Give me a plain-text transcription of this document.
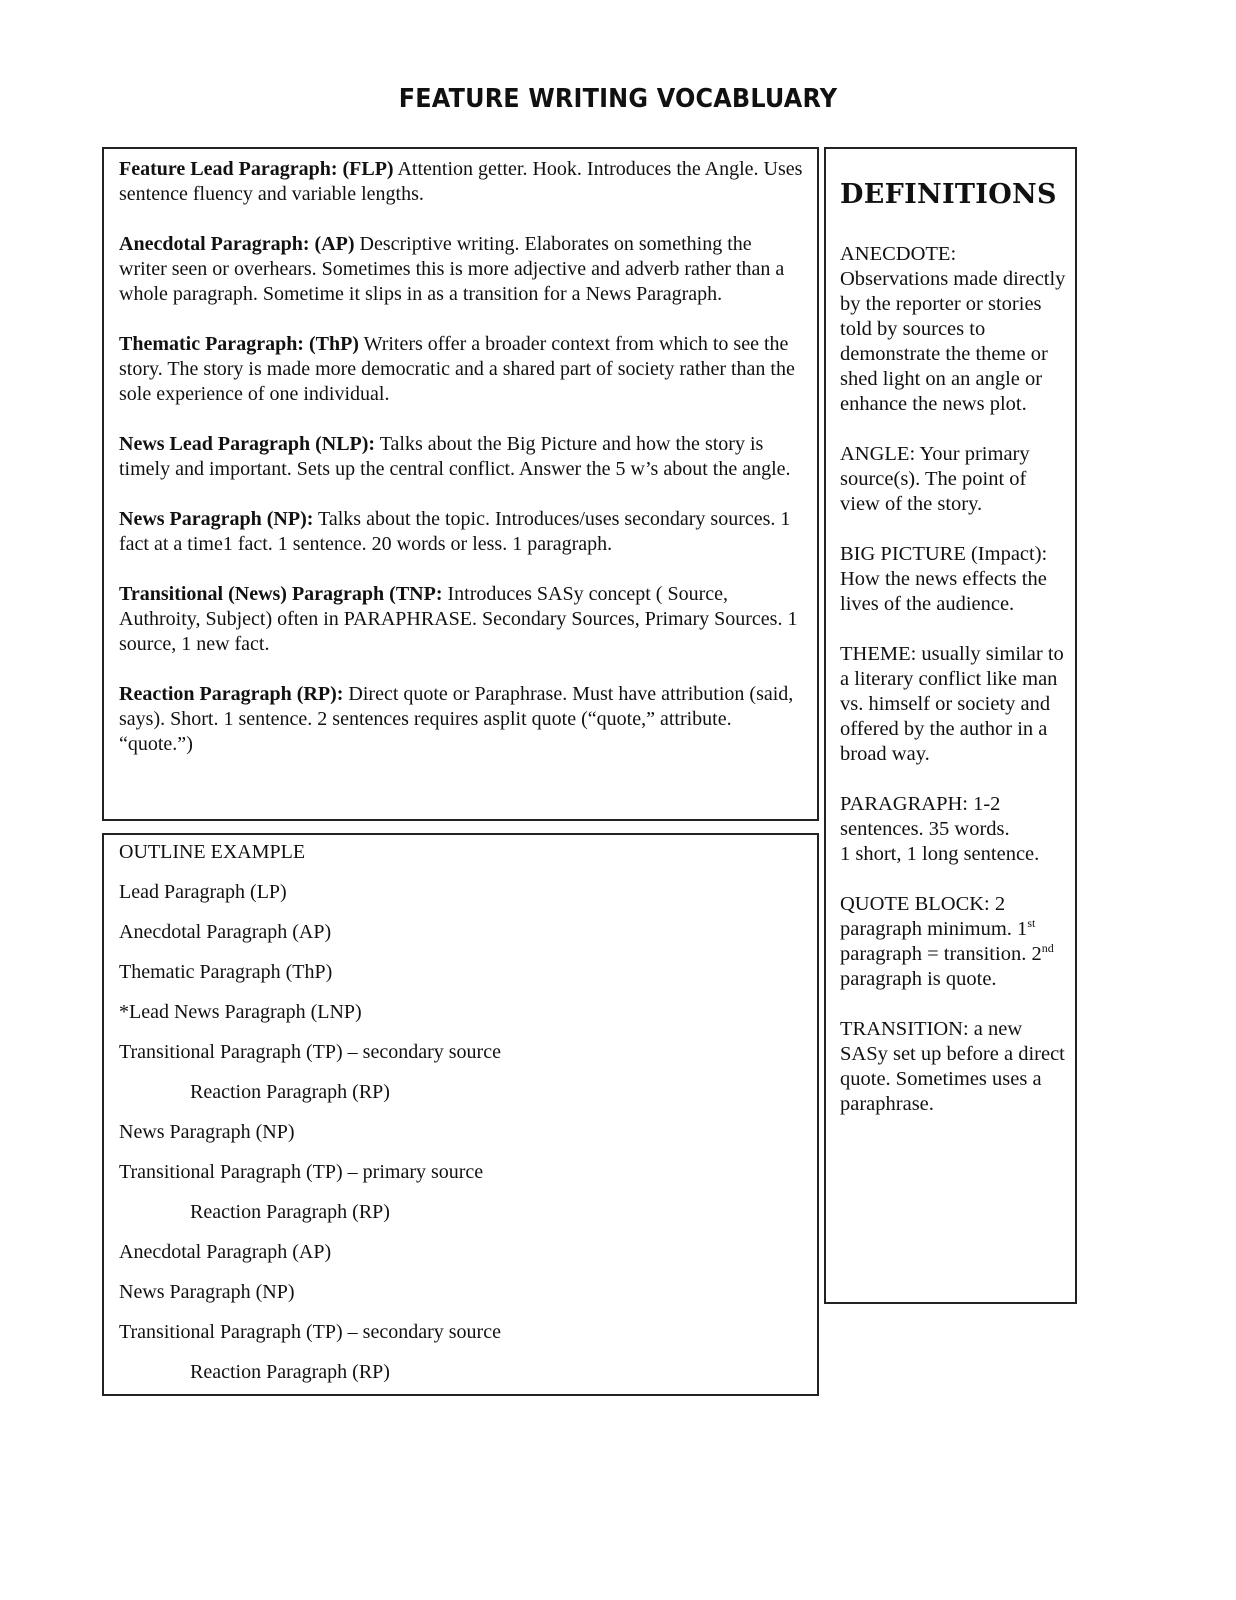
FEATURE WRITING VOCABLUARY
Feature Lead Paragraph: (FLP) Attention getter. Hook. Introduces the Angle. Uses sentence fluency and variable lengths.
Anecdotal Paragraph: (AP) Descriptive writing. Elaborates on something the writer seen or overhears. Sometimes this is more adjective and adverb rather than a whole paragraph. Sometime it slips in as a transition for a News Paragraph.
Thematic Paragraph: (ThP) Writers offer a broader context from which to see the story. The story is made more democratic and a shared part of society rather than the sole experience of one individual.
News Lead Paragraph (NLP): Talks about the Big Picture and how the story is timely and important. Sets up the central conflict. Answer the 5 w’s about the angle.
News Paragraph (NP): Talks about the topic. Introduces/uses secondary sources. 1 fact at a time1 fact. 1 sentence. 20 words or less. 1 paragraph.
Transitional (News) Paragraph (TNP: Introduces SASy concept ( Source, Authroity, Subject) often in PARAPHRASE. Secondary Sources, Primary Sources. 1 source, 1 new fact.
Reaction Paragraph (RP): Direct quote or Paraphrase. Must have attribution (said, says). Short. 1 sentence. 2 sentences requires asplit quote (“quote,” attribute. “quote.”)
OUTLINE EXAMPLE
Lead Paragraph (LP)
Anecdotal Paragraph (AP)
Thematic Paragraph (ThP)
*Lead News Paragraph (LNP)
Transitional Paragraph (TP) – secondary source
Reaction Paragraph (RP)
News Paragraph (NP)
Transitional Paragraph (TP) – primary source
Reaction Paragraph (RP)
Anecdotal Paragraph (AP)
News Paragraph (NP)
Transitional Paragraph (TP) – secondary source
Reaction Paragraph (RP)
DEFINITIONS
ANECDOTE: Observations made directly by the reporter or stories told by sources to demonstrate the theme or shed light on an angle or enhance the news plot.
ANGLE: Your primary source(s). The point of view of the story.
BIG PICTURE (Impact): How the news effects the lives of the audience.
THEME: usually similar to a literary conflict like man vs. himself or society and offered by the author in a broad way.
PARAGRAPH: 1-2 sentences. 35 words.
1 short, 1 long sentence.
QUOTE BLOCK: 2 paragraph minimum. 1st paragraph = transition. 2nd paragraph is quote.
TRANSITION: a new SASy set up before a direct quote. Sometimes uses a paraphrase.
